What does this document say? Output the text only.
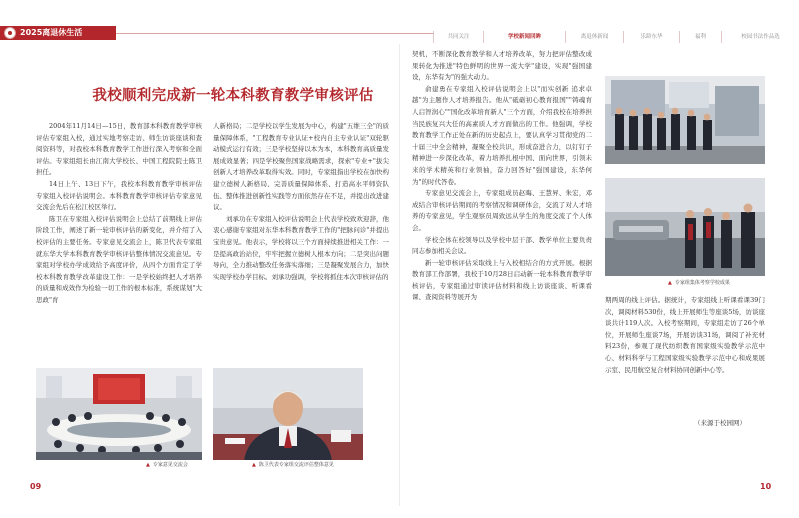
2025离退休生活	共同关注	学校新闻回眸	离退休新闻	乐龄东华	福利	校园书法作品选
我校顺利完成新一轮本科教育教学审核评估

2004年11月14日—15日，教育部本科教育教学审核评估专家组入校，通过实地考察走访、师生访谈座谈和查阅资料等，对我校本科教育教学工作进行深入考察和全面评估。专家组组长由江南大学校长、中国工程院院士陈卫担任。

14日上午、13日下午，我校本科教育教学审核评估专家组入校评估说明会。本科教育教学审核评估专家意见交流会先后在松江校区举行。

陈卫在专家组入校评估说明会上总结了前期线上评估阶段工作，阐述了新一轮审核评估的新变化，并介绍了入校评估的主要任务。专家意见交流会上，陈卫代表专家组就东华大学本科教育教学审核评估整体情况交流意见。专家组对学校办学成效给予高度评价，从四个方面肯定了学校本科教育教学改革建设工作：一是学校始终把人才培养的质量和成效作为检验一切工作的根本标准，系统谋划"大思政"育

人新格局；二是学校以学生发展为中心，构建"五维三全"的质量保障体系，"工程教育专业认证+校内自主专业认证"双轮驱动模式运行有效；三是学校坚持以本为本，本科教育高质量发展成效显著；四是学校聚焦国家战略需求，探索"专业+"拔尖创新人才培养改革取得实效。同时，专家组指出学校在加快构建立德树人新格局、完善质量保障体系、打造高水平师资队伍、整体推进创新性实践等方面依然存在不足，并提出改进建议。

刘承功在专家组入校评估说明会上代表学校致欢迎辞，他衷心感谢专家组对东华本科教育教学工作的"把脉问诊"并提出宝贵意见。他表示，学校将以三个方面持续推进相关工作：一是提高政治站位，牢牢把握立德树人根本方向；二是突出问题导向，全力推动整改任务落实落细；三是凝聚发展合力，加快实现学校办学目标。刘承功强调，学校将抓住本次审核评估的

▲ 专家意见交流会	▲ 陈卫代表专家组交流评估整体意见

契机，不断深化教育教学和人才培养改革，努力把评估整改成果转化为推进"特色鲜明的世界一流大学"建设，实现"强国建设，东华有为"的强大动力。

俞建勇在专家组入校评估说明会上以"而实创新 追求卓越"为主题作人才培养报告。他从"砥砺初心教育报国""铸魂育人启智润心""国化改革培育新人"三个方面，介绍我校在培养担当民族复兴大任的高素质人才方面做出的工作。他强调，学校教育教学工作正处在新的历史起点上，要认真学习贯彻党的二十届三中全会精神，凝聚全校共识，形成奋进合力，以钉钉子精神进一步深化改革，着力培养扎根中国、面向世界，引领未来的学术精英和行业领袖，奋力回答好"强国建设，东华何为"的时代答卷。

专家意见交流会上，专家组成员赵晦、王慧昇、朱宏，邓成结合审核评估期间的考察情况和调研体会，交流了对人才培养的专家意见，学生观察员周致远从学生的角度交流了个人体会。

学校全体在校领导以及学校中层干部、教学单位主要负责同志参加相关会议。

新一轮审核评估采取线上与入校相结合的方式开展。根据教育部工作部署，我校于10月28日启动新一轮本科教育教学审核评估，专家组通过审读评估材料和线上访谈座谈、听课看课、查阅资料等展开为

▲ 专家组集体考察学校成果

期两周的线上评估。据统计，专家组线上听课看课39门次，调阅材料530份，线上开展师生等座谈5场，访谈座谈共计119人次。入校考察期间，专家组走访了26个单位，开展师生座谈7场，开展访谈31场，调阅了补充材料23份，参观了现代纺织教育国家级实验教学示范中心、材料科学与工程国家级实验教学示范中心和成果展示室、民用航空复合材料协同创新中心等。

（来源于校园网）
09	10
